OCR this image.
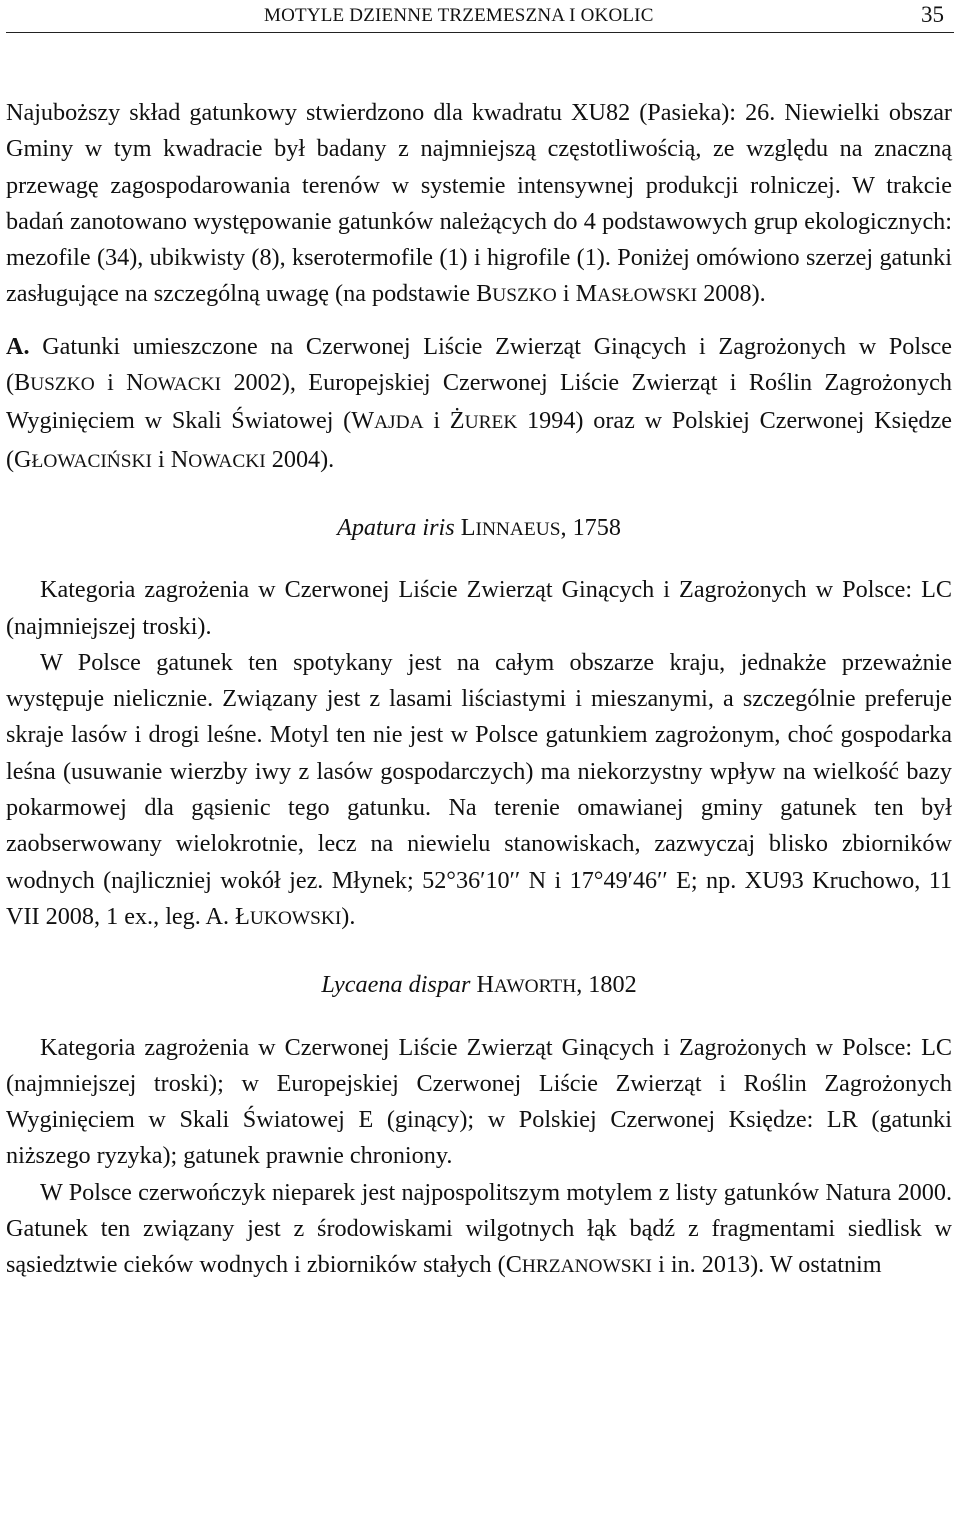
MOTYLE DZIENNE TRZEMESZNA I OKOLIC	35

Najuboższy skład gatunkowy stwierdzono dla kwadratu XU82 (Pasieka): 26. Niewielki obszar Gminy w tym kwadracie był badany z najmniejszą częstotliwością, ze względu na znaczną przewagę zagospodarowania terenów w systemie intensywnej produkcji rolniczej. W trakcie badań zanotowano występowanie gatunków należących do 4 podstawowych grup ekologicznych: mezofile (34), ubikwisty (8), kserotermofile (1) i higrofile (1). Poniżej omówiono szerzej gatunki zasługujące na szczególną uwagę (na podstawie BUSZKO i MASŁOWSKI 2008).

A. Gatunki umieszczone na Czerwonej Liście Zwierząt Ginących i Zagrożonych w Polsce (BUSZKO i NOWACKI 2002), Europejskiej Czerwonej Liście Zwierząt i Roślin Zagrożonych Wyginięciem w Skali Światowej (WAJDA i ŻUREK 1994) oraz w Polskiej Czerwonej Księdze (GŁOWACIŃSKI i NOWACKI 2004).

Apatura iris LINNAEUS, 1758

Kategoria zagrożenia w Czerwonej Liście Zwierząt Ginących i Zagrożonych w Polsce: LC (najmniejszej troski).

W Polsce gatunek ten spotykany jest na całym obszarze kraju, jednakże przeważnie występuje nielicznie. Związany jest z lasami liściastymi i mieszanymi, a szczególnie preferuje skraje lasów i drogi leśne. Motyl ten nie jest w Polsce gatunkiem zagrożonym, choć gospodarka leśna (usuwanie wierzby iwy z lasów gospodarczych) ma niekorzystny wpływ na wielkość bazy pokarmowej dla gąsienic tego gatunku. Na terenie omawianej gminy gatunek ten był zaobserwowany wielokrotnie, lecz na niewielu stanowiskach, zazwyczaj blisko zbiorników wodnych (najliczniej wokół jez. Młynek; 52°36′10′′ N i 17°49′46′′ E; np. XU93 Kruchowo, 11 VII 2008, 1 ex., leg. A. ŁUKOWSKI).

Lycaena dispar HAWORTH, 1802

Kategoria zagrożenia w Czerwonej Liście Zwierząt Ginących i Zagrożonych w Polsce: LC (najmniejszej troski); w Europejskiej Czerwonej Liście Zwierząt i Roślin Zagrożonych Wyginięciem w Skali Światowej E (ginący); w Polskiej Czerwonej Księdze: LR (gatunki niższego ryzyka); gatunek prawnie chroniony.

W Polsce czerwończyk nieparek jest najpospolitszym motylem z listy gatunków Natura 2000. Gatunek ten związany jest z środowiskami wilgotnych łąk bądź z fragmentami siedlisk w sąsiedztwie cieków wodnych i zbiorników stałych (CHRZANOWSKI i in. 2013). W ostatnim
